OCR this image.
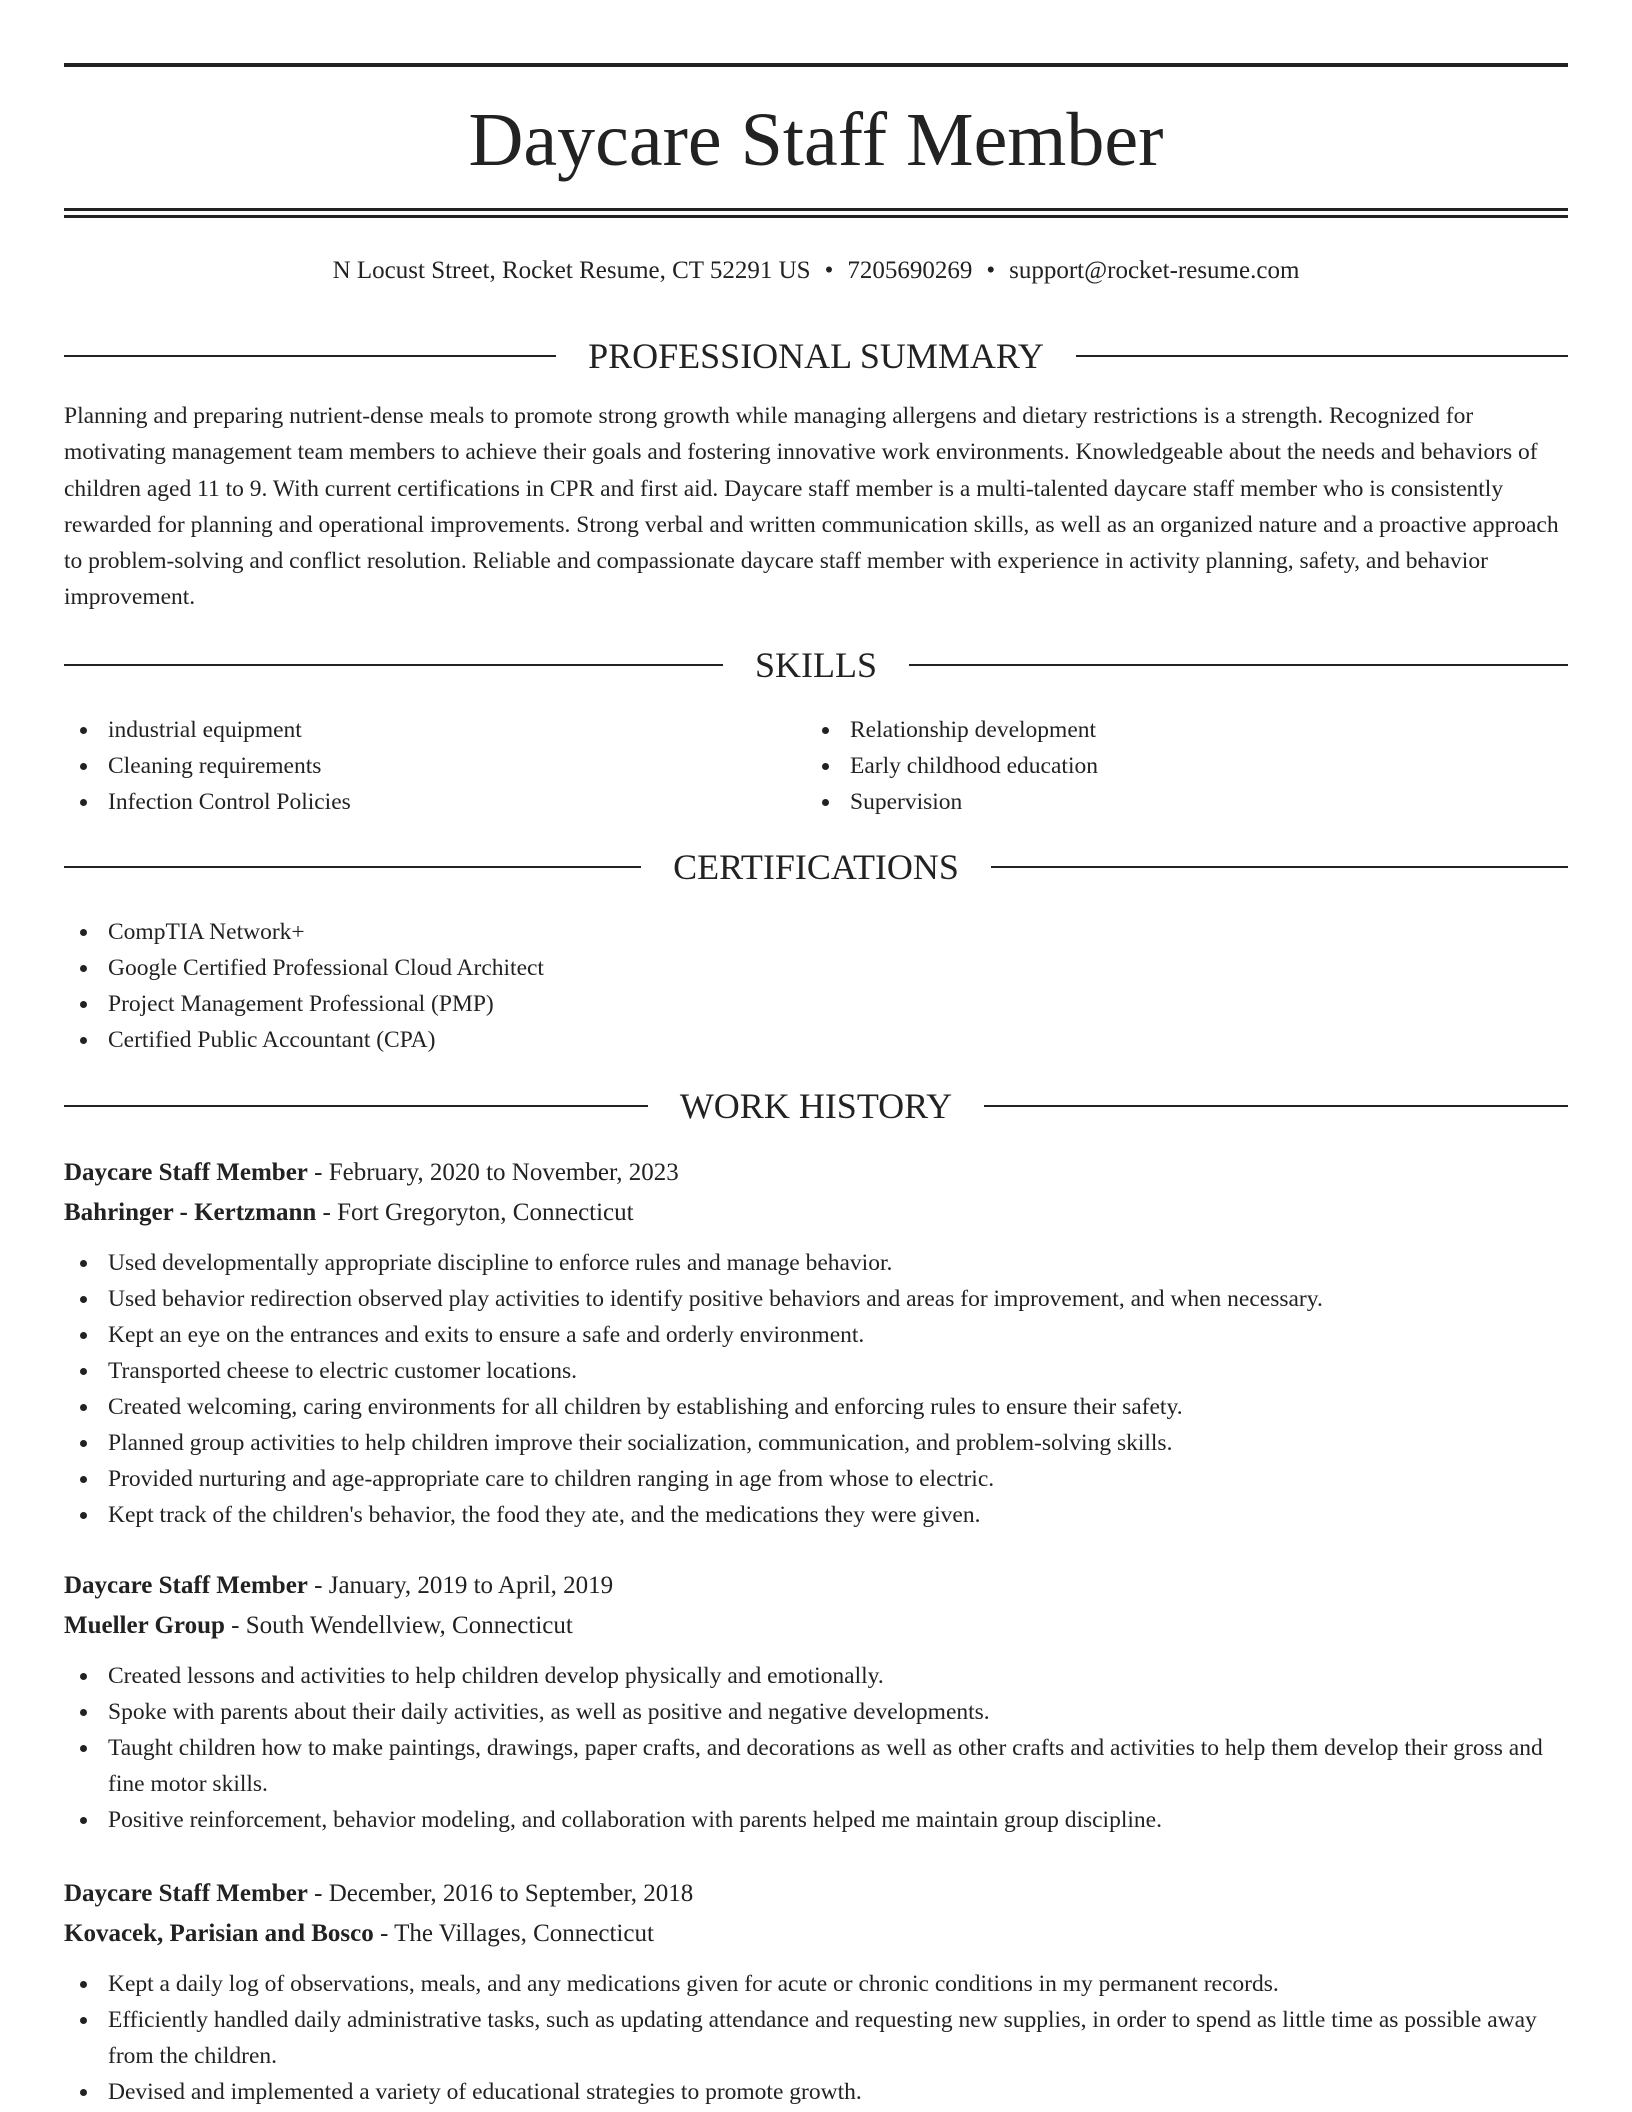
Daycare Staff Member
N Locust Street, Rocket Resume, CT 52291 US • 7205690269 • support@rocket-resume.com
PROFESSIONAL SUMMARY

Planning and preparing nutrient-dense meals to promote strong growth while managing allergens and dietary restrictions is a strength. Recognized for motivating management team members to achieve their goals and fostering innovative work environments. Knowledgeable about the needs and behaviors of children aged 11 to 9. With current certifications in CPR and first aid. Daycare staff member is a multi-talented daycare staff member who is consistently rewarded for planning and operational improvements. Strong verbal and written communication skills, as well as an organized nature and a proactive approach to problem-solving and conflict resolution. Reliable and compassionate daycare staff member with experience in activity planning, safety, and behavior improvement.

SKILLS
industrial equipment
Cleaning requirements
Infection Control Policies
Relationship development
Early childhood education
Supervision
CERTIFICATIONS
CompTIA Network+
Google Certified Professional Cloud Architect
Project Management Professional (PMP)
Certified Public Accountant (CPA)
WORK HISTORY
Daycare Staff Member - February, 2020 to November, 2023
Bahringer - Kertzmann - Fort Gregoryton, Connecticut
Used developmentally appropriate discipline to enforce rules and manage behavior.
Used behavior redirection observed play activities to identify positive behaviors and areas for improvement, and when necessary.
Kept an eye on the entrances and exits to ensure a safe and orderly environment.
Transported cheese to electric customer locations.
Created welcoming, caring environments for all children by establishing and enforcing rules to ensure their safety.
Planned group activities to help children improve their socialization, communication, and problem-solving skills.
Provided nurturing and age-appropriate care to children ranging in age from whose to electric.
Kept track of the children's behavior, the food they ate, and the medications they were given.
Daycare Staff Member - January, 2019 to April, 2019
Mueller Group - South Wendellview, Connecticut
Created lessons and activities to help children develop physically and emotionally.
Spoke with parents about their daily activities, as well as positive and negative developments.
Taught children how to make paintings, drawings, paper crafts, and decorations as well as other crafts and activities to help them develop their gross and fine motor skills.
Positive reinforcement, behavior modeling, and collaboration with parents helped me maintain group discipline.
Daycare Staff Member - December, 2016 to September, 2018
Kovacek, Parisian and Bosco - The Villages, Connecticut
Kept a daily log of observations, meals, and any medications given for acute or chronic conditions in my permanent records.
Efficiently handled daily administrative tasks, such as updating attendance and requesting new supplies, in order to spend as little time as possible away from the children.
Devised and implemented a variety of educational strategies to promote growth.
